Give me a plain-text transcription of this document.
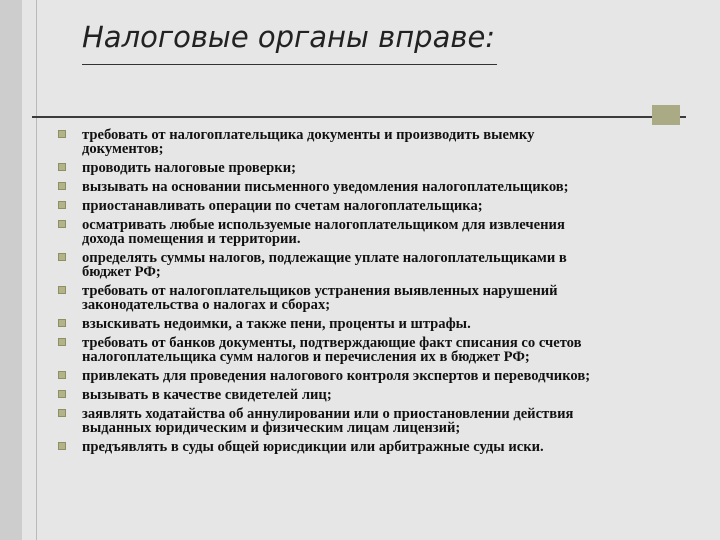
Налоговые органы вправе:
требовать от налогоплательщика документы и производить выемку
документов;
проводить налоговые проверки;
вызывать на основании письменного уведомления налогоплательщиков;
приостанавливать операции по счетам налогоплательщика;
осматривать любые используемые налогоплательщиком для извлечения
дохода помещения и территории.
определять суммы налогов, подлежащие уплате налогоплательщиками в
бюджет РФ;
требовать от налогоплательщиков устранения выявленных нарушений
законодательства о налогах и сборах;
взыскивать недоимки, а также пени, проценты и штрафы.
требовать от банков документы, подтверждающие факт списания со счетов
налогоплательщика сумм налогов и перечисления их в бюджет РФ;
привлекать для проведения налогового контроля экспертов и переводчиков;
вызывать в качестве свидетелей лиц;
заявлять ходатайства об аннулировании или о приостановлении действия
выданных юридическим и физическим лицам лицензий;
предъявлять в суды общей юрисдикции или арбитражные суды иски.
